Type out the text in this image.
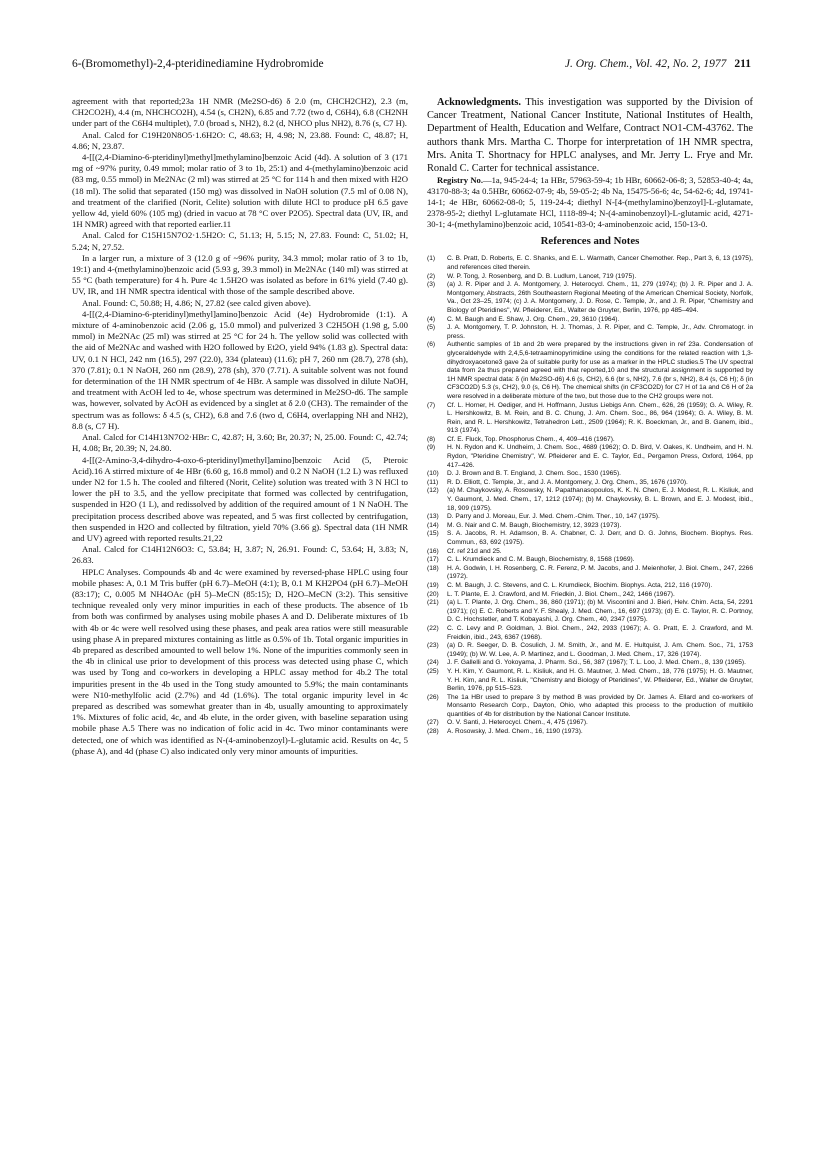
6-(Bromomethyl)-2,4-pteridinediamine Hydrobromide	J. Org. Chem., Vol. 42, No. 2, 1977 211

agreement with that reported;23a 1H NMR (Me2SO-d6) δ 2.0 (m, CHCH2CH2), 2.3 (m, CH2CO2H), 4.4 (m, NHCHCO2H), 4.54 (s, CH2N), 6.85 and 7.72 (two d, C6H4), 6.8 (CH2NH under part of the C6H4 multiplet), 7.0 (broad s, NH2), 8.2 (d, NHCO plus NH2), 8.76 (s, C7 H).

Anal. Calcd for C19H20N8O5·1.6H2O: C, 48.63; H, 4.98; N, 23.88. Found: C, 48.87; H, 4.86; N, 23.87.

4-[[(2,4-Diamino-6-pteridinyl)methyl]methylamino]benzoic Acid (4d). A solution of 3 (171 mg of ~97% purity, 0.49 mmol; molar ratio of 3 to 1b, 25:1) and 4-(methylamino)benzoic acid (83 mg, 0.55 mmol) in Me2NAc (2 ml) was stirred at 25 °C for 114 h and then mixed with H2O (18 ml). The solid that separated (150 mg) was dissolved in NaOH solution (7.5 ml of 0.08 N), and treatment of the clarified (Norit, Celite) solution with dilute HCl to produce pH 6.5 gave yellow 4d, yield 60% (105 mg) (dried in vacuo at 78 °C over P2O5). Spectral data (UV, IR, and 1H NMR) agreed with that reported earlier.11

Anal. Calcd for C15H15N7O2·1.5H2O: C, 51.13; H, 5.15; N, 27.83. Found: C, 51.02; H, 5.24; N, 27.52.

In a larger run, a mixture of 3 (12.0 g of ~96% purity, 34.3 mmol; molar ratio of 3 to 1b, 19:1) and 4-(methylamino)benzoic acid (5.93 g, 39.3 mmol) in Me2NAc (140 ml) was stirred at 55 °C (bath temperature) for 4 h. Pure 4c 1.5H2O was isolated as before in 61% yield (7.40 g). UV, IR, and 1H NMR spectra identical with those of the sample described above.

Anal. Found: C, 50.88; H, 4.86; N, 27.82 (see calcd given above).

4-[[(2,4-Diamino-6-pteridinyl)methyl]amino]benzoic Acid (4e) Hydrobromide (1:1). A mixture of 4-aminobenzoic acid (2.06 g, 15.0 mmol) and pulverized 3 C2H5OH (1.98 g, 5.00 mmol) in Me2NAc (25 ml) was stirred at 25 °C for 24 h. The yellow solid was collected with the aid of Me2NAc and washed with H2O followed by Et2O, yield 94% (1.83 g). Spectral data: UV, 0.1 N HCl, 242 nm (16.5), 297 (22.0), 334 (plateau) (11.6); pH 7, 260 nm (28.7), 278 (sh), 370 (7.81); 0.1 N NaOH, 260 nm (28.9), 278 (sh), 370 (7.71). A suitable solvent was not found for determination of the 1H NMR spectrum of 4e HBr. A sample was dissolved in dilute NaOH, and treatment with AcOH led to 4e, whose spectrum was determined in Me2SO-d6. The sample was, however, solvated by AcOH as evidenced by a singlet at δ 2.0 (CH3). The remainder of the spectrum was as follows: δ 4.5 (s, CH2), 6.8 and 7.6 (two d, C6H4, overlapping NH and NH2), 8.8 (s, C7 H).

Anal. Calcd for C14H13N7O2·HBr: C, 42.87; H, 3.60; Br, 20.37; N, 25.00. Found: C, 42.74; H, 4.08; Br, 20.39; N, 24.80.

4-[[(2-Amino-3,4-dihydro-4-oxo-6-pteridinyl)methyl]amino]benzoic Acid (5, Pteroic Acid).16 A stirred mixture of 4e HBr (6.60 g, 16.8 mmol) and 0.2 N NaOH (1.2 L) was refluxed under N2 for 1.5 h. The cooled and filtered (Norit, Celite) solution was treated with 3 N HCl to lower the pH to 3.5, and the yellow precipitate that formed was collected by centrifugation, suspended in H2O (1 L), and redissolved by addition of the required amount of 1 N NaOH. The precipitation process described above was repeated, and 5 was first collected by centrifugation, then suspended in H2O and collected by filtration, yield 70% (3.66 g). Spectral data (1H NMR and UV) agreed with reported results.21,22

Anal. Calcd for C14H12N6O3: C, 53.84; H, 3.87; N, 26.91. Found: C, 53.64; H, 3.83; N, 26.83.

HPLC Analyses. Compounds 4b and 4c were examined by reversed-phase HPLC using four mobile phases: A, 0.1 M Tris buffer (pH 6.7)–MeOH (4:1); B, 0.1 M KH2PO4 (pH 6.7)–MeOH (83:17); C, 0.005 M NH4OAc (pH 5)–MeCN (85:15); D, H2O–MeCN (3:2). This sensitive technique revealed only very minor impurities in each of these products. The absence of 1b from both was confirmed by analyses using mobile phases A and D. Deliberate mixtures of 1b with 4b or 4c were well resolved using these phases, and peak area ratios were still measurable using phase A in prepared mixtures containing as little as 0.5% of 1b. Total organic impurities in 4b prepared as described amounted to well below 1%. None of the impurities commonly seen in the 4b in clinical use prior to development of this process was detected using phase C, which was used by Tong and co-workers in developing a HPLC assay method for 4b.2 The total impurities present in the 4b used in the Tong study amounted to 5.9%; the main contaminants were N10-methylfolic acid (2.7%) and 4d (1.6%). The total organic impurity level in 4c prepared as described was somewhat greater than in 4b, usually amounting to approximately 1%. Mixtures of folic acid, 4c, and 4b elute, in the order given, with baseline separation using mobile phase A.5 There was no indication of folic acid in 4c. Two minor contaminants were detected, one of which was identified as N-(4-aminobenzoyl)-L-glutamic acid. Results on 4c, 5 (phase A), and 4d (phase C) also indicated only very minor amounts of impurities.

Acknowledgments. This investigation was supported by the Division of Cancer Treatment, National Cancer Institute, National Institutes of Health, Department of Health, Education and Welfare, Contract NO1-CM-43762. The authors thank Mrs. Martha C. Thorpe for interpretation of 1H NMR spectra, Mrs. Anita T. Shortnacy for HPLC analyses, and Mr. Jerry L. Frye and Mr. Ronald C. Carter for technical assistance.

Registry No.—1a, 945-24-4; 1a HBr, 57963-59-4; 1b HBr, 60662-06-8; 3, 52853-40-4; 4a, 43170-88-3; 4a 0.5HBr, 60662-07-9; 4b, 59-05-2; 4b Na, 15475-56-6; 4c, 54-62-6; 4d, 19741-14-1; 4e HBr, 60662-08-0; 5, 119-24-4; diethyl N-[4-(methylamino)benzoyl]-L-glutamate, 2378-95-2; diethyl L-glutamate HCl, 1118-89-4; N-(4-aminobenzoyl)-L-glutamic acid, 4271-30-1; 4-(methylamino)benzoic acid, 10541-83-0; 4-aminobenzoic acid, 150-13-0.

References and Notes
(1)	C. B. Pratt, D. Roberts, E. C. Shanks, and E. L. Warmath, Cancer Chemother. Rep., Part 3, 6, 13 (1975), and references cited therein.
(2)	W. P. Tong, J. Rosenberg, and D. B. Ludlum, Lancet, 719 (1975).
(3)	(a) J. R. Piper and J. A. Montgomery, J. Heterocycl. Chem., 11, 279 (1974); (b) J. R. Piper and J. A. Montgomery, Abstracts, 26th Southeastern Regional Meeting of the American Chemical Society, Norfolk, Va., Oct 23–25, 1974; (c) J. A. Montgomery, J. D. Rose, C. Temple, Jr., and J. R. Piper, "Chemistry and Biology of Pteridines", W. Pfleiderer, Ed., Walter de Gruyter, Berlin, 1976, pp 485–494.
(4)	C. M. Baugh and E. Shaw, J. Org. Chem., 29, 3610 (1964).
(5)	J. A. Montgomery, T. P. Johnston, H. J. Thomas, J. R. Piper, and C. Temple, Jr., Adv. Chromatogr. in press.
(6)	Authentic samples of 1b and 2b were prepared by the instructions given in ref 23a. Condensation of glyceraldehyde with 2,4,5,6-tetraaminopyrimidine using the conditions for the related reaction with 1,3-dihydroxyacetone3 gave 2a of suitable purity for use as a marker in the HPLC studies.5 The UV spectral data from 2a thus prepared agreed with that reported,10 and the structural assignment is supported by 1H NMR spectral data: δ (in Me2SO-d6) 4.6 (s, CH2), 6.6 (br s, NH2), 7.6 (br s, NH2), 8.4 (s, C6 H); δ (in CF3CO2D) 5.3 (s, CH2), 9.0 (s, C6 H). The chemical shifts (in CF3CO2D) for C7 H of 1a and C6 H of 2a were resolved in a deliberate mixture of the two, but those due to the CH2 groups were not.
(7)	Cf. L. Horner, H. Oediger, and H. Hoffmann, Justus Liebigs Ann. Chem., 626, 26 (1959); G. A. Wiley, R. L. Hershkowitz, B. M. Rein, and B. C. Chung, J. Am. Chem. Soc., 86, 964 (1964); G. A. Wiley, B. M. Rein, and R. L. Hershkowitz, Tetrahedron Lett., 2509 (1964); R. K. Boeckman, Jr., and B. Ganem, ibid., 913 (1974).
(8)	Cf. E. Fluck, Top. Phosphorus Chem., 4, 409–416 (1967).
(9)	H. N. Rydon and K. Undheim, J. Chem. Soc., 4689 (1962); O. D. Bird, V. Oakes, K. Undheim, and H. N. Rydon, "Pteridine Chemistry", W. Pfleiderer and E. C. Taylor, Ed., Pergamon Press, Oxford, 1964, pp 417–426.
(10)	D. J. Brown and B. T. England, J. Chem. Soc., 1530 (1965).
(11)	R. D. Elliott, C. Temple, Jr., and J. A. Montgomery, J. Org. Chem., 35, 1676 (1970).
(12)	(a) M. Chaykovsky, A. Rosowsky, N. Papathanasopoulos, K. K. N. Chen, E. J. Modest, R. L. Kisliuk, and Y. Gaumont, J. Med. Chem., 17, 1212 (1974); (b) M. Chaykovsky, B. L. Brown, and E. J. Modest, ibid., 18, 909 (1975).
(13)	D. Parry and J. Moreau, Eur. J. Med. Chem.-Chim. Ther., 10, 147 (1975).
(14)	M. G. Nair and C. M. Baugh, Biochemistry, 12, 3923 (1973).
(15)	S. A. Jacobs, R. H. Adamson, B. A. Chabner, C. J. Derr, and D. G. Johns, Biochem. Biophys. Res. Commun., 63, 692 (1975).
(16)	Cf. ref 21d and 25.
(17)	C. L. Krumdieck and C. M. Baugh, Biochemistry, 8, 1568 (1969).
(18)	H. A. Godwin, I. H. Rosenberg, C. R. Ferenz, P. M. Jacobs, and J. Meienhofer, J. Biol. Chem., 247, 2266 (1972).
(19)	C. M. Baugh, J. C. Stevens, and C. L. Krumdieck, Biochim. Biophys. Acta, 212, 116 (1970).
(20)	L. T. Plante, E. J. Crawford, and M. Friedkin, J. Biol. Chem., 242, 1466 (1967).
(21)	(a) L. T. Plante, J. Org. Chem., 36, 860 (1971); (b) M. Viscontini and J. Bieri, Helv. Chim. Acta, 54, 2291 (1971); (c) E. C. Roberts and Y. F. Shealy, J. Med. Chem., 16, 697 (1973); (d) E. C. Taylor, R. C. Portnoy, D. C. Hochstetler, and T. Kobayashi, J. Org. Chem., 40, 2347 (1975).
(22)	C. C. Levy and P. Goldman, J. Biol. Chem., 242, 2933 (1967); A. G. Pratt, E. J. Crawford, and M. Freidkin, ibid., 243, 6367 (1968).
(23)	(a) D. R. Seeger, D. B. Cosulich, J. M. Smith, Jr., and M. E. Hultquist, J. Am. Chem. Soc., 71, 1753 (1949); (b) W. W. Lee, A. P. Martinez, and L. Goodman, J. Med. Chem., 17, 326 (1974).
(24)	J. F. Gallelli and G. Yokoyama, J. Pharm. Sci., 56, 387 (1967); T. L. Loo, J. Med. Chem., 8, 139 (1965).
(25)	Y. H. Kim, Y. Gaumont, R. L. Kisliuk, and H. G. Mautner, J. Med. Chem., 18, 776 (1975); H. G. Mautner, Y. H. Kim, and R. L. Kisliuk, "Chemistry and Biology of Pteridines", W. Pfleiderer, Ed., Walter de Gruyter, Berlin, 1976, pp 515–523.
(26)	The 1a HBr used to prepare 3 by method B was provided by Dr. James A. Ellard and co-workers of Monsanto Research Corp., Dayton, Ohio, who adapted this process to the production of multikilo quantities of 4b for distribution by the National Cancer Institute.
(27)	O. V. Santi, J. Heterocycl. Chem., 4, 475 (1967).
(28)	A. Rosowsky, J. Med. Chem., 16, 1190 (1973).
